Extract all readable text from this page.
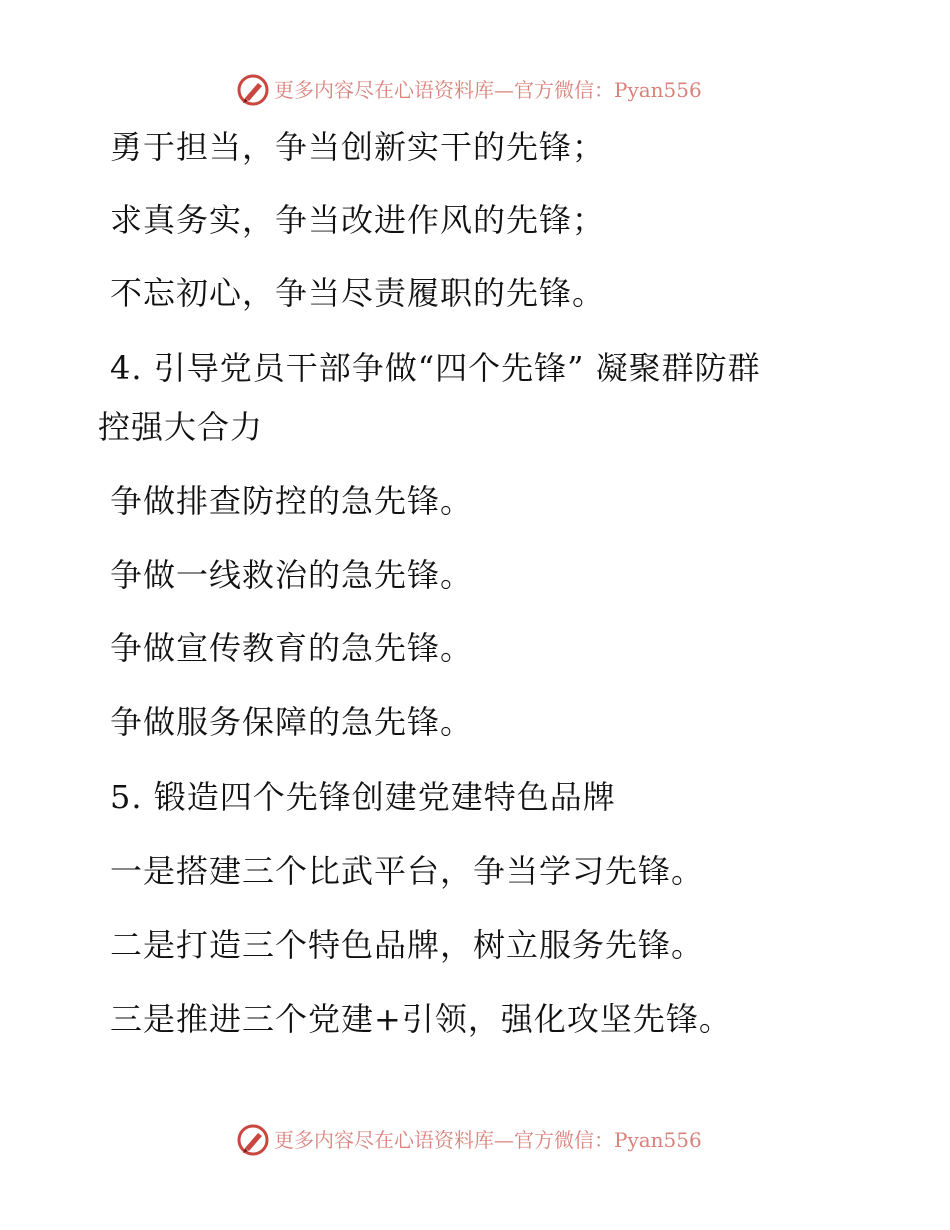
更多内容尽在心语资料库—官方微信：Pyan556
勇于担当，争当创新实干的先锋；
求真务实，争当改进作风的先锋；
不忘初心，争当尽责履职的先锋。
4. 引导党员干部争做“四个先锋” 凝聚群防群
控强大合力
争做排查防控的急先锋。
争做一线救治的急先锋。
争做宣传教育的急先锋。
争做服务保障的急先锋。
5. 锻造四个先锋创建党建特色品牌
一是搭建三个比武平台，争当学习先锋。
二是打造三个特色品牌，树立服务先锋。
三是推进三个党建+引领，强化攻坚先锋。
更多内容尽在心语资料库—官方微信：Pyan556
